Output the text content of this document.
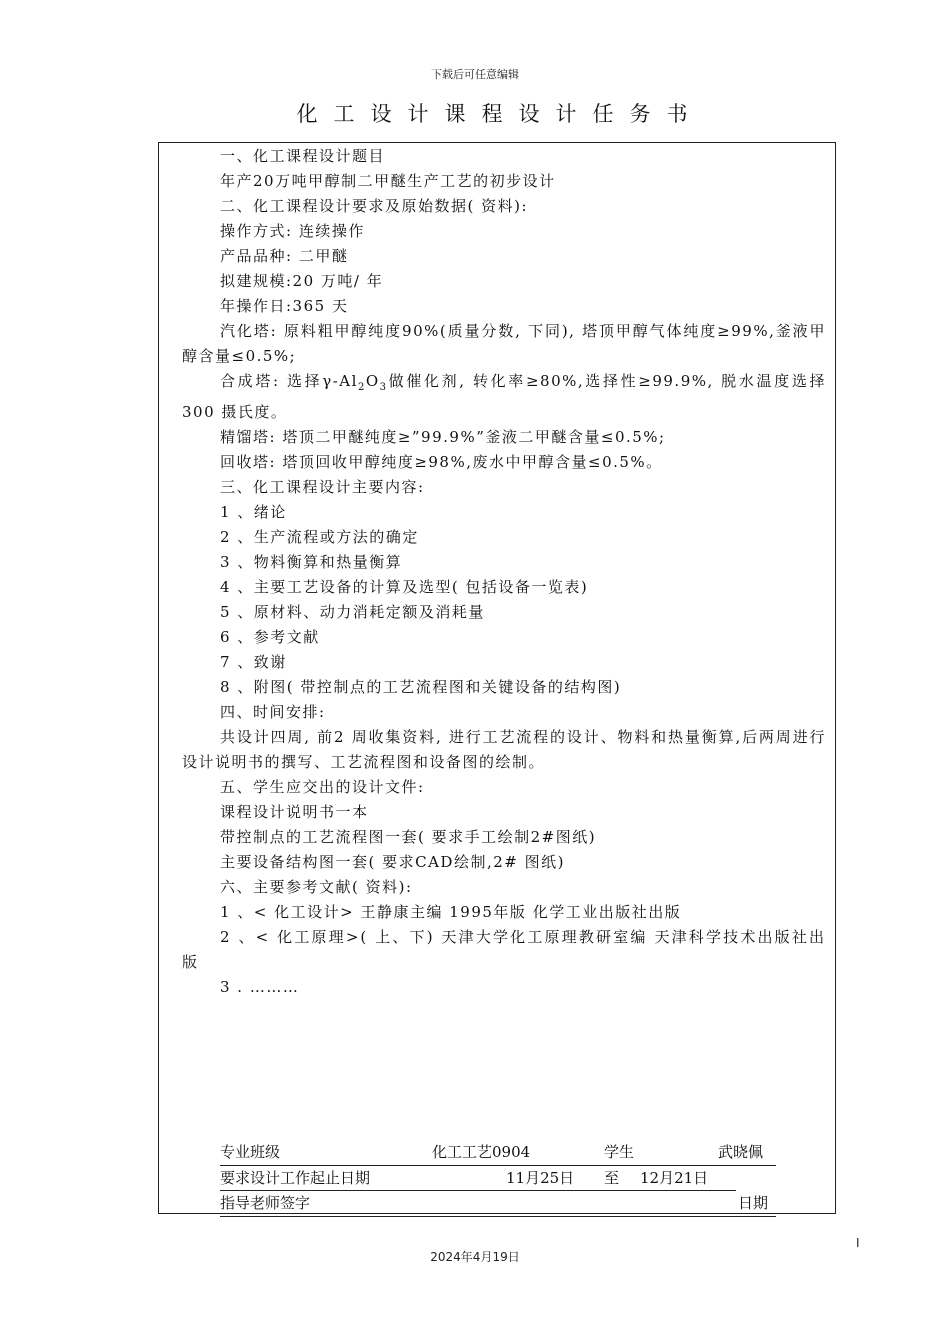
下载后可任意编辑
化工设计课程设计任务书

一、化工课程设计题目

年产20万吨甲醇制二甲醚生产工艺的初步设计

二、化工课程设计要求及原始数据( 资料):

操作方式: 连续操作

产品品种: 二甲醚

拟建规模:20 万吨/ 年

年操作日:365 天

汽化塔: 原料粗甲醇纯度90%(质量分数, 下同), 塔顶甲醇气体纯度≥99%,釜液甲醇含量≤0.5%;

合成塔: 选择$\gamma-Al_2O_3$做催化剂, 转化率≥80%,选择性≥99.9%, 脱水温度选择300 摄氏度。

精馏塔: 塔顶二甲醚纯度≥”99.9%”釜液二甲醚含量≤0.5%;

回收塔: 塔顶回收甲醇纯度≥98%,废水中甲醇含量≤0.5%。

三、化工课程设计主要内容:

1 、绪论

2 、生产流程或方法的确定

3 、物料衡算和热量衡算

4 、主要工艺设备的计算及选型( 包括设备一览表)

5 、原材料、动力消耗定额及消耗量

6 、参考文献

7 、致谢

8 、附图( 带控制点的工艺流程图和关键设备的结构图)

四、时间安排:

共设计四周, 前2 周收集资料, 进行工艺流程的设计、物料和热量衡算,后两周进行设计说明书的撰写、工艺流程图和设备图的绘制。

五、学生应交出的设计文件:

课程设计说明书一本

带控制点的工艺流程图一套( 要求手工绘制2#图纸)

主要设备结构图一套( 要求CAD绘制,2# 图纸)

六、主要参考文献( 资料):

1 、< 化工设计> 王静康主编 1995年版 化学工业出版社出版

2 、< 化工原理>( 上、下) 天津大学化工原理教研室编 天津科学技术出版社出版

3 . ………

专业班级	化工工艺0904	学生	武晓佩
要求设计工作起止日期	11月25日 至 12月21日
指导老师签字	日期
2024年4月19日
I
